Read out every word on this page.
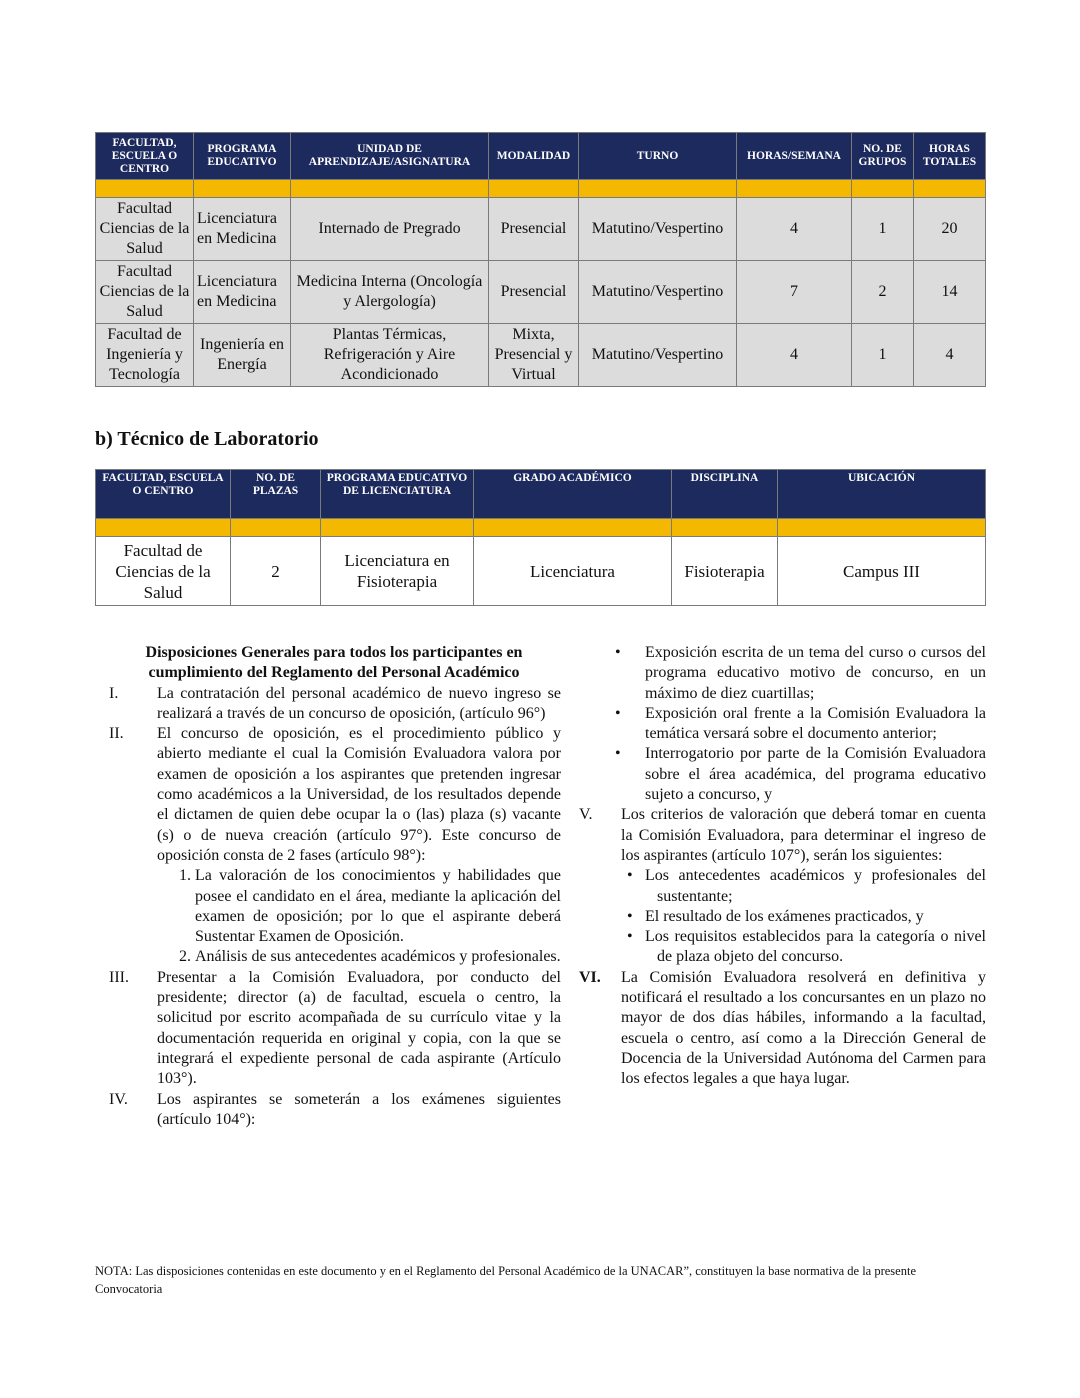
FACULTAD, ESCUELA O CENTRO	PROGRAMA EDUCATIVO	UNIDAD DE APRENDIZAJE/ASIGNATURA	MODALIDAD	TURNO	HORAS/SEMANA	NO. DE GRUPOS	HORAS TOTALES

Facultad Ciencias de la Salud	Licenciatura en Medicina	Internado de Pregrado	Presencial	Matutino/Vespertino	4	1	20
Facultad Ciencias de la Salud	Licenciatura en Medicina	Medicina Interna (Oncología y Alergología)	Presencial	Matutino/Vespertino	7	2	14
Facultad de Ingeniería y Tecnología	Ingeniería en Energía	Plantas Térmicas, Refrigeración y Aire Acondicionado	Mixta, Presencial y Virtual	Matutino/Vespertino	4	1	4
b) Técnico de Laboratorio
FACULTAD, ESCUELA O CENTRO	NO. DE PLAZAS	PROGRAMA EDUCATIVO DE LICENCIATURA	GRADO ACADÉMICO	DISCIPLINA	UBICACIÓN

Facultad de Ciencias de la Salud	2	Licenciatura en Fisioterapia	Licenciatura	Fisioterapia	Campus III
Disposiciones Generales para todos los participantes en cumplimiento del Reglamento del Personal Académico
I. La contratación del personal académico de nuevo ingreso se realizará a través de un concurso de oposición, (artículo 96°)
II. El concurso de oposición, es el procedimiento público y abierto mediante el cual la Comisión Evaluadora valora por examen de oposición a los aspirantes que pretenden ingresar como académicos a la Universidad, de los resultados depende el dictamen de quien debe ocupar la o (las) plaza (s) vacante (s) o de nueva creación (artículo 97°). Este concurso de oposición consta de 2 fases (artículo 98°):
1. La valoración de los conocimientos y habilidades que posee el candidato en el área, mediante la aplicación del examen de oposición; por lo que el aspirante deberá Sustentar Examen de Oposición.
2. Análisis de sus antecedentes académicos y profesionales.
III. Presentar a la Comisión Evaluadora, por conducto del presidente; director (a) de facultad, escuela o centro, la solicitud por escrito acompañada de su currículo vitae y la documentación requerida en original y copia, con la que se integrará el expediente personal de cada aspirante (Artículo 103°).
IV. Los aspirantes se someterán a los exámenes siguientes (artículo 104°):
• Exposición escrita de un tema del curso o cursos del programa educativo motivo de concurso, en un máximo de diez cuartillas;
• Exposición oral frente a la Comisión Evaluadora la temática versará sobre el documento anterior;
• Interrogatorio por parte de la Comisión Evaluadora sobre el área académica, del programa educativo sujeto a concurso, y
V. Los criterios de valoración que deberá tomar en cuenta la Comisión Evaluadora, para determinar el ingreso de los aspirantes (artículo 107°), serán los siguientes:
• Los antecedentes académicos y profesionales del sustentante;
• El resultado de los exámenes practicados, y
• Los requisitos establecidos para la categoría o nivel de plaza objeto del concurso.
VI. La Comisión Evaluadora resolverá en definitiva y notificará el resultado a los concursantes en un plazo no mayor de dos días hábiles, informando a la facultad, escuela o centro, así como a la Dirección General de Docencia de la Universidad Autónoma del Carmen para los efectos legales a que haya lugar.
NOTA: Las disposiciones contenidas en este documento y en el Reglamento del Personal Académico de la UNACAR”, constituyen la base normativa de la presente Convocatoria
